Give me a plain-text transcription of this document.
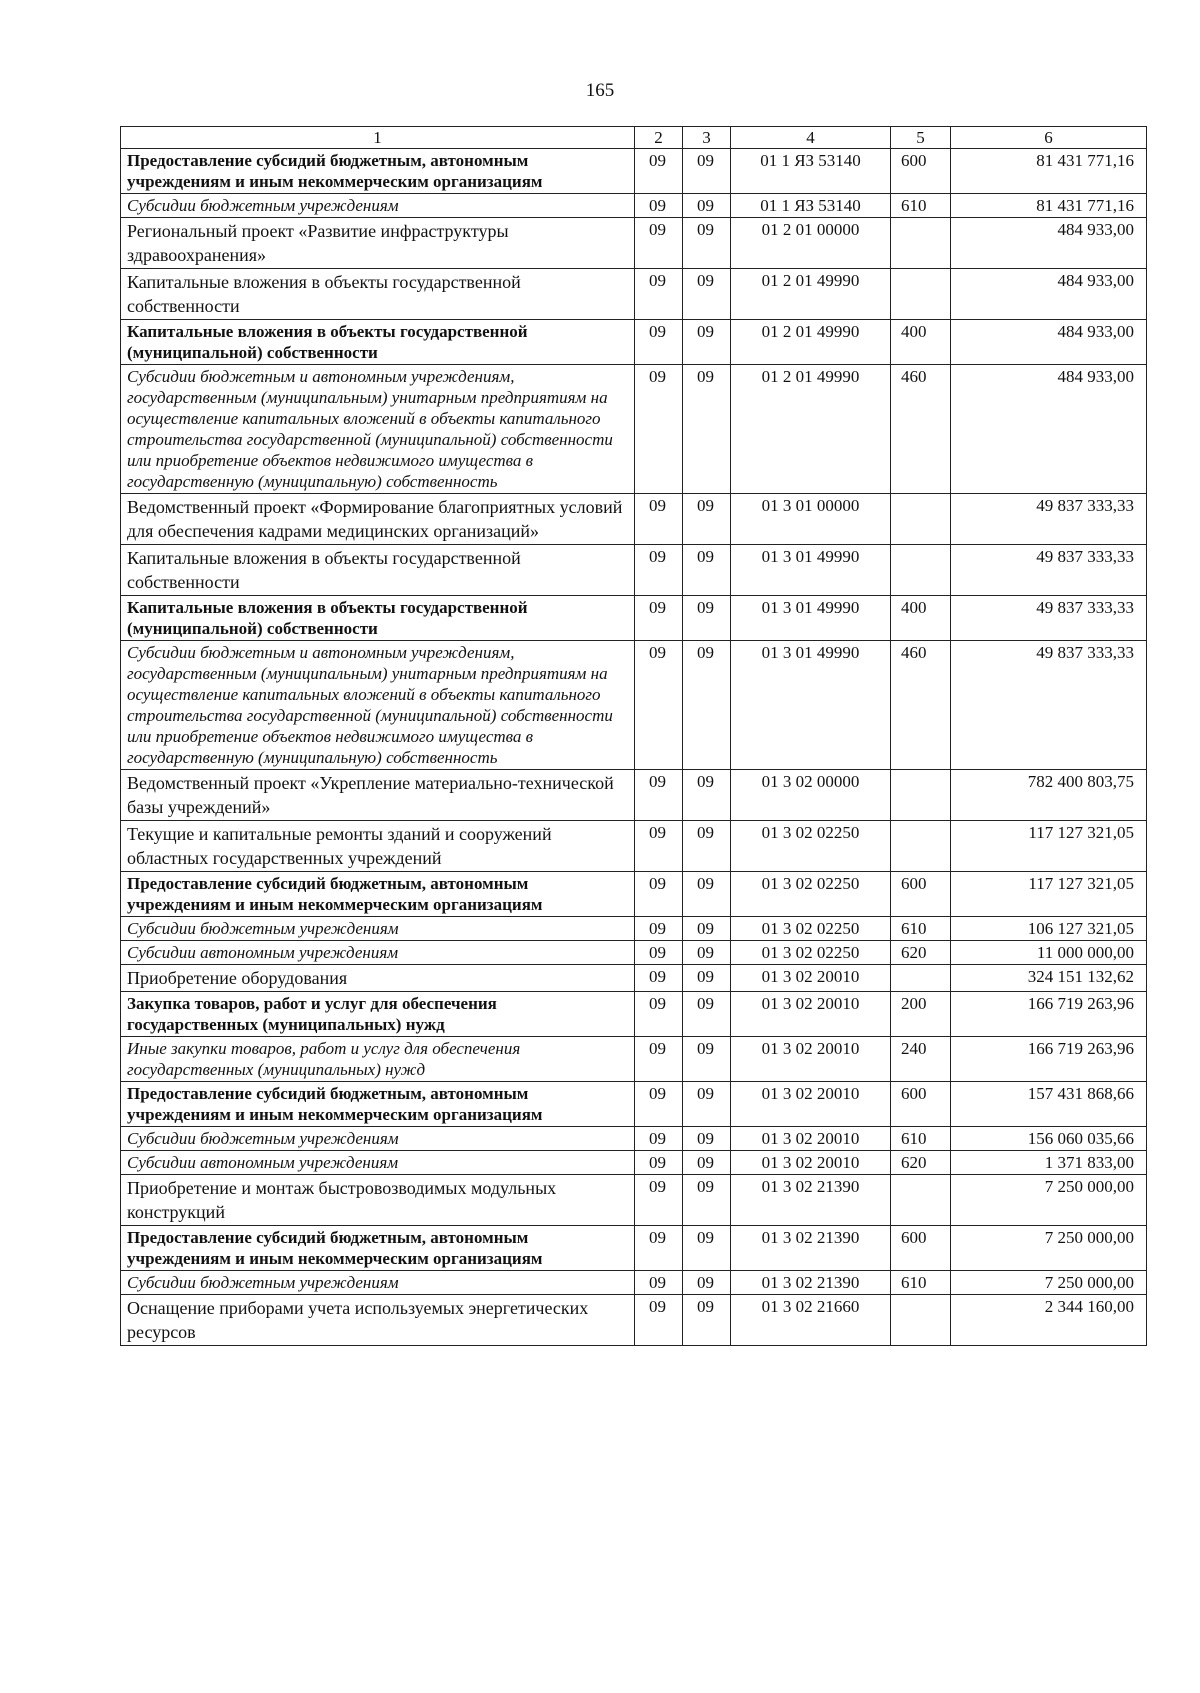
165
1	2	3	4	5	6
Предоставление субсидий бюджетным, автономным учреждениям и иным некоммерческим организациям	09	09	01 1 ЯЗ 53140	600	81 431 771,16
Субсидии бюджетным учреждениям	09	09	01 1 ЯЗ 53140	610	81 431 771,16
Региональный проект «Развитие инфраструктуры здравоохранения»	09	09	01 2 01 00000		484 933,00
Капитальные вложения в объекты государственной собственности	09	09	01 2 01 49990		484 933,00
Капитальные вложения в объекты государственной (муниципальной) собственности	09	09	01 2 01 49990	400	484 933,00
Субсидии бюджетным и автономным учреждениям, государственным (муниципальным) унитарным предприятиям на осуществление капитальных вложений в объекты капитального строительства государственной (муниципальной) собственности или приобретение объектов недвижимого имущества в государственную (муниципальную) собственность	09	09	01 2 01 49990	460	484 933,00
Ведомственный проект «Формирование благоприятных условий для обеспечения кадрами медицинских организаций»	09	09	01 3 01 00000		49 837 333,33
Капитальные вложения в объекты государственной собственности	09	09	01 3 01 49990		49 837 333,33
Капитальные вложения в объекты государственной (муниципальной) собственности	09	09	01 3 01 49990	400	49 837 333,33
Субсидии бюджетным и автономным учреждениям, государственным (муниципальным) унитарным предприятиям на осуществление капитальных вложений в объекты капитального строительства государственной (муниципальной) собственности или приобретение объектов недвижимого имущества в государственную (муниципальную) собственность	09	09	01 3 01 49990	460	49 837 333,33
Ведомственный проект «Укрепление материально-технической базы учреждений»	09	09	01 3 02 00000		782 400 803,75
Текущие и капитальные ремонты зданий и сооружений областных государственных учреждений	09	09	01 3 02 02250		117 127 321,05
Предоставление субсидий бюджетным, автономным учреждениям и иным некоммерческим организациям	09	09	01 3 02 02250	600	117 127 321,05
Субсидии бюджетным учреждениям	09	09	01 3 02 02250	610	106 127 321,05
Субсидии автономным учреждениям	09	09	01 3 02 02250	620	11 000 000,00
Приобретение оборудования	09	09	01 3 02 20010		324 151 132,62
Закупка товаров, работ и услуг для обеспечения государственных (муниципальных) нужд	09	09	01 3 02 20010	200	166 719 263,96
Иные закупки товаров, работ и услуг для обеспечения государственных (муниципальных) нужд	09	09	01 3 02 20010	240	166 719 263,96
Предоставление субсидий бюджетным, автономным учреждениям и иным некоммерческим организациям	09	09	01 3 02 20010	600	157 431 868,66
Субсидии бюджетным учреждениям	09	09	01 3 02 20010	610	156 060 035,66
Субсидии автономным учреждениям	09	09	01 3 02 20010	620	1 371 833,00
Приобретение и монтаж быстровозводимых модульных конструкций	09	09	01 3 02 21390		7 250 000,00
Предоставление субсидий бюджетным, автономным учреждениям и иным некоммерческим организациям	09	09	01 3 02 21390	600	7 250 000,00
Субсидии бюджетным учреждениям	09	09	01 3 02 21390	610	7 250 000,00
Оснащение приборами учета используемых энергетических ресурсов	09	09	01 3 02 21660		2 344 160,00
